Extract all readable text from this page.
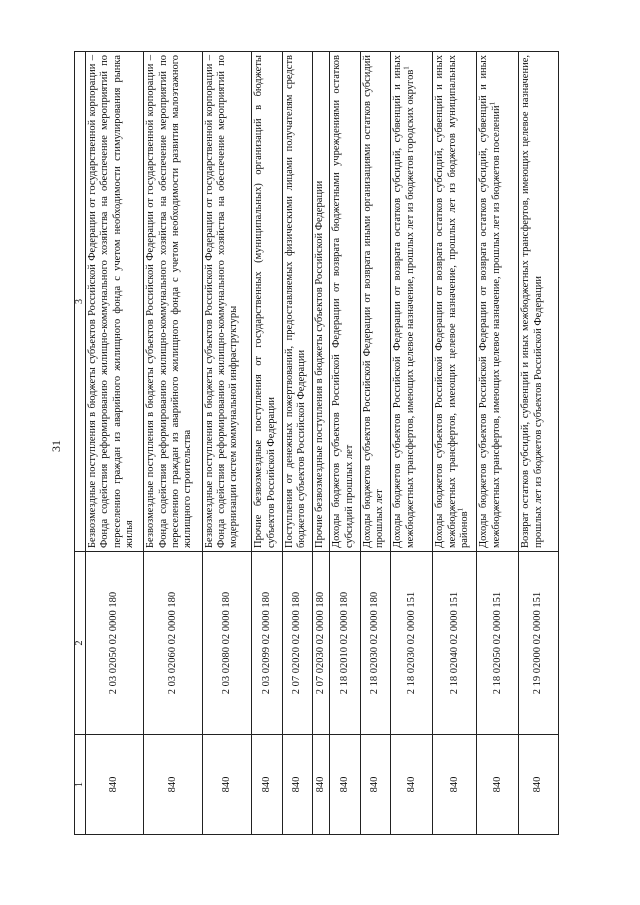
31
1	2	3
840	2 03 02050 02 0000 180	Безвозмездные поступления в бюджеты субъектов Российской Федерации от государственной корпорации – Фонда содействия реформированию жилищно-коммунального хозяйства на обеспечение мероприятий по переселению граждан из аварийного жилищного фонда с учетом необходимости стимулирования рынка жилья
840	2 03 02060 02 0000 180	Безвозмездные поступления в бюджеты субъектов Российской Федерации от государственной корпорации – Фонда содействия реформированию жилищно-коммунального хозяйства на обеспечение мероприятий по переселению граждан из аварийного жилищного фонда с учетом необходимости развития малоэтажного жилищного строительства
840	2 03 02080 02 0000 180	Безвозмездные поступления в бюджеты субъектов Российской Федерации от государственной корпорации – Фонда содействия реформированию жилищно-коммунального хозяйства на обеспечение мероприятий по модернизации систем коммунальной инфраструктуры
840	2 03 02099 02 0000 180	Прочие безвозмездные поступления от государственных (муниципальных) организаций в бюджеты субъектов Российской Федерации
840	2 07 02020 02 0000 180	Поступления от денежных пожертвований, предоставляемых физическими лицами получателям средств бюджетов субъектов Российской Федерации
840	2 07 02030 02 0000 180	Прочие безвозмездные поступления в бюджеты субъектов Российской Федерации
840	2 18 02010 02 0000 180	Доходы бюджетов субъектов Российской Федерации от возврата бюджетными учреждениями остатков субсидий прошлых лет
840	2 18 02030 02 0000 180	Доходы бюджетов субъектов Российской Федерации от возврата иными организациями остатков субсидий прошлых лет
840	2 18 02030 02 0000 151	Доходы бюджетов субъектов Российской Федерации от возврата остатков субсидий, субвенций и иных межбюджетных трансфертов, имеющих целевое назначение, прошлых лет из бюджетов городских округов$^1$
840	2 18 02040 02 0000 151	Доходы бюджетов субъектов Российской Федерации от возврата остатков субсидий, субвенций и иных межбюджетных трансфертов, имеющих целевое назначение, прошлых лет из бюджетов муниципальных районов$^1$
840	2 18 02050 02 0000 151	Доходы бюджетов субъектов Российской Федерации от возврата остатков субсидий, субвенций и иных межбюджетных трансфертов, имеющих целевое назначение, прошлых лет из бюджетов поселений$^1$
840	2 19 02000 02 0000 151	Возврат остатков субсидий, субвенций и иных межбюджетных трансфертов, имеющих целевое назначение, прошлых лет из бюджетов субъектов Российской Федерации
